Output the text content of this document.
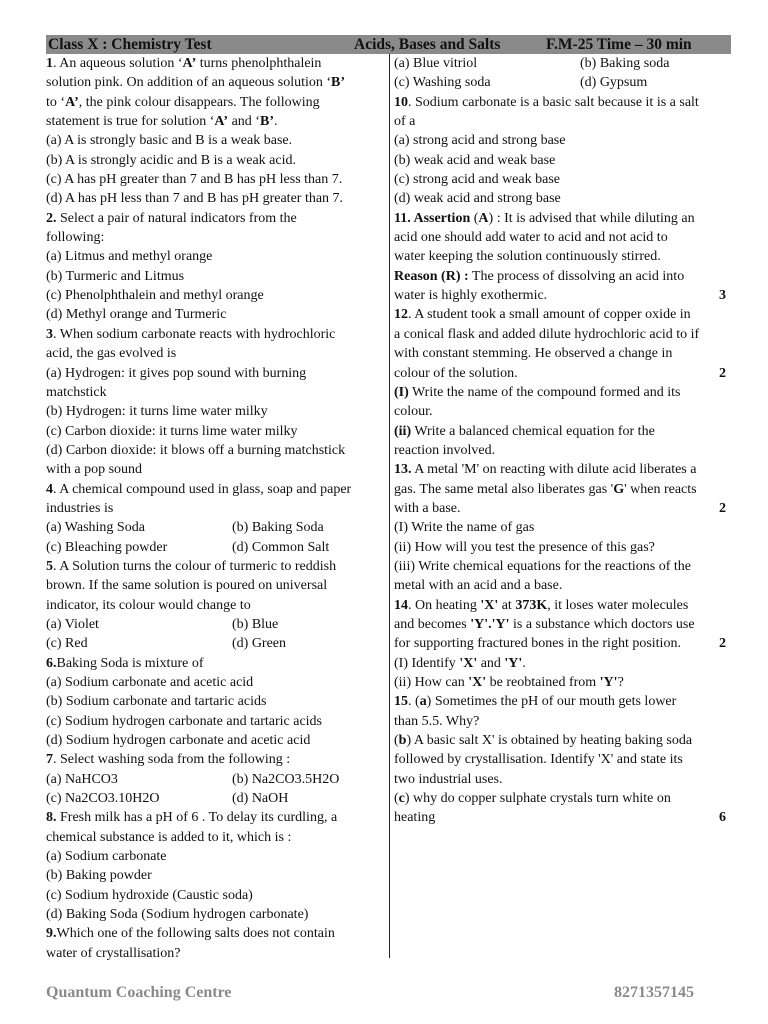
Class X : Chemistry Test	Acids, Bases and Salts	F.M-25 Time – 30 min
1. An aqueous solution ‘A’ turns phenolphthalein
solution pink. On addition of an aqueous solution ‘B’
to ‘A’, the pink colour disappears. The following
statement is true for solution ‘A’ and ‘B’.
(a) A is strongly basic and B is a weak base.
(b) A is strongly acidic and B is a weak acid.
(c) A has pH greater than 7 and B has pH less than 7.
(d) A has pH less than 7 and B has pH greater than 7.
2. Select a pair of natural indicators from the
following:
(a) Litmus and methyl orange
(b) Turmeric and Litmus
(c) Phenolphthalein and methyl orange
(d) Methyl orange and Turmeric
3. When sodium carbonate reacts with hydrochloric
acid, the gas evolved is
(a) Hydrogen: it gives pop sound with burning
matchstick
(b) Hydrogen: it turns lime water milky
(c) Carbon dioxide: it turns lime water milky
(d) Carbon dioxide: it blows off a burning matchstick
with a pop sound
4. A chemical compound used in glass, soap and paper
industries is
(a) Washing Soda	(b) Baking Soda
(c) Bleaching powder	(d) Common Salt
5. A Solution turns the colour of turmeric to reddish
brown. If the same solution is poured on universal
indicator, its colour would change to
(a) Violet	(b) Blue
(c) Red	(d) Green
6.Baking Soda is mixture of
(a) Sodium carbonate and acetic acid
(b) Sodium carbonate and tartaric acids
(c) Sodium hydrogen carbonate and tartaric acids
(d) Sodium hydrogen carbonate and acetic acid
7. Select washing soda from the following :
(a) NaHCO3	(b) Na2CO3.5H2O
(c) Na2CO3.10H2O	(d) NaOH
8. Fresh milk has a pH of 6 . To delay its curdling, a
chemical substance is added to it, which is :
(a) Sodium carbonate
(b) Baking powder
(c) Sodium hydroxide (Caustic soda)
(d) Baking Soda (Sodium hydrogen carbonate)
9.Which one of the following salts does not contain
water of crystallisation?
(a) Blue vitriol	(b) Baking soda
(c) Washing soda	(d) Gypsum
10. Sodium carbonate is a basic salt because it is a salt
of a
(a) strong acid and strong base
(b) weak acid and weak base
(c) strong acid and weak base
(d) weak acid and strong base
11. Assertion (A) : It is advised that while diluting an
acid one should add water to acid and not acid to
water keeping the solution continuously stirred.
Reason (R) : The process of dissolving an acid into
water is highly exothermic.	3
12. A student took a small amount of copper oxide in
a conical flask and added dilute hydrochloric acid to if
with constant stemming. He observed a change in
colour of the solution.	2
(I) Write the name of the compound formed and its
colour.
(ii) Write a balanced chemical equation for the
reaction involved.
13. A metal 'M' on reacting with dilute acid liberates a
gas. The same metal also liberates gas 'G' when reacts
with a base.	2
(I) Write the name of gas
(ii) How will you test the presence of this gas?
(iii) Write chemical equations for the reactions of the
metal with an acid and a base.
14. On heating 'X' at 373K, it loses water molecules
and becomes 'Y'.'Y' is a substance which doctors use
for supporting fractured bones in the right position.	2
(I) Identify 'X' and 'Y'.
(ii) How can 'X' be reobtained from 'Y'?
15. (a) Sometimes the pH of our mouth gets lower
than 5.5. Why?
(b) A basic salt X' is obtained by heating baking soda
followed by crystallisation. Identify 'X' and state its
two industrial uses.
(c) why do copper sulphate crystals turn white on
heating	6
Quantum Coaching Centre	8271357145
